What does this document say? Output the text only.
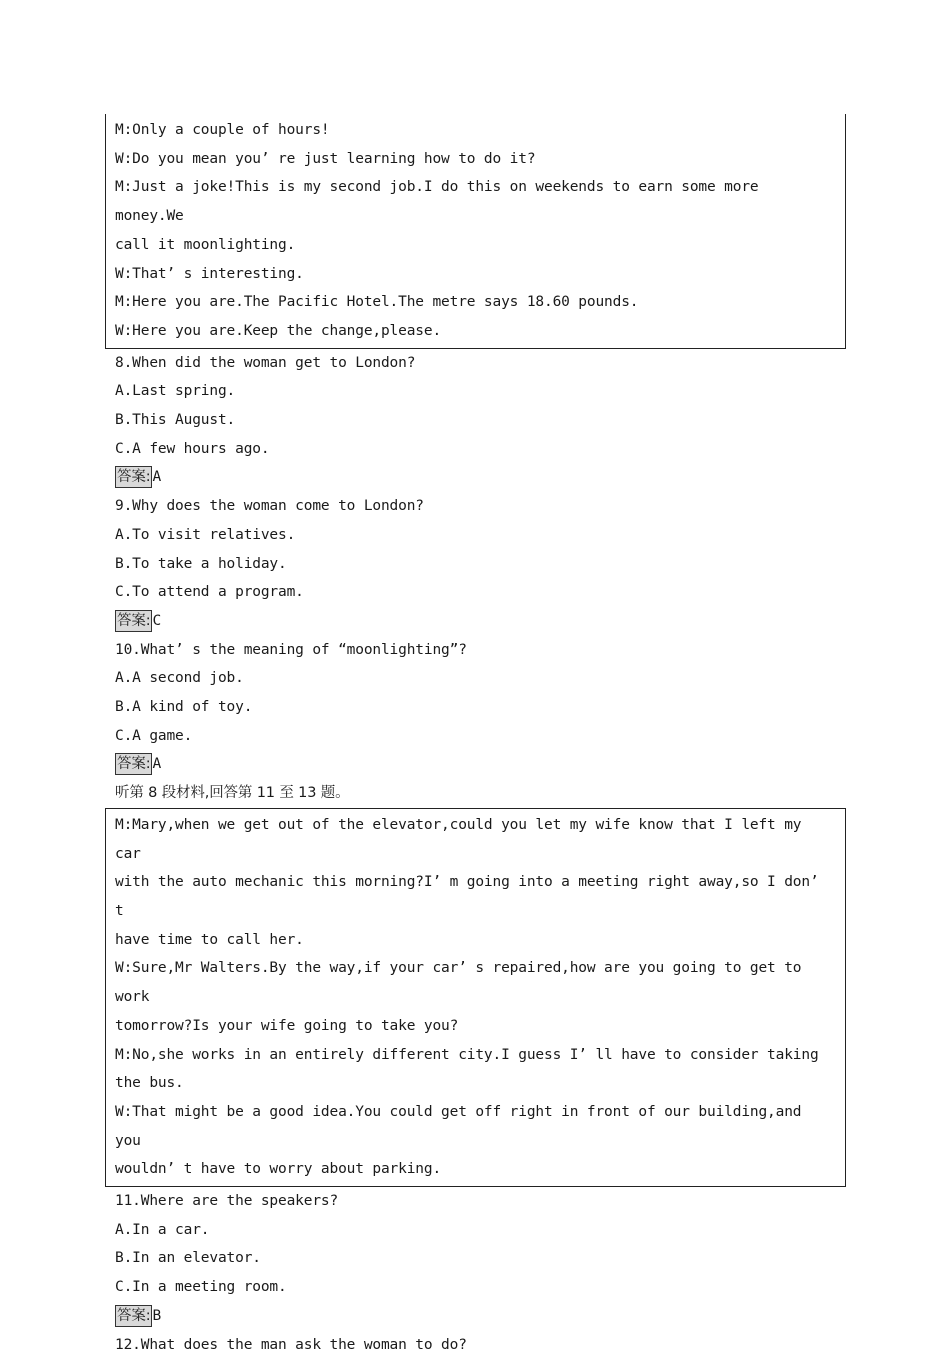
M:Only a couple of hours!
W:Do you mean you’ re just learning how to do it?
M:Just a joke!This is my second job.I do this on weekends to earn some more money.We
call it moonlighting.
W:That’ s interesting.
M:Here you are.The Pacific Hotel.The metre says 18.60 pounds.
W:Here you are.Keep the change,please.
8.When did the woman get to London?
A.Last spring.
B.This August.
C.A few hours ago.
答案: A
9.Why does the woman come to London?
A.To visit relatives.
B.To take a holiday.
C.To attend a program.
答案: C
10.What’ s the meaning of “moonlighting”?
A.A second job.
B.A kind of toy.
C.A game.
答案: A
听第 8 段材料,回答第 11 至 13 题。
M:Mary,when we get out of the elevator,could you let my wife know that I left my car
with the auto mechanic this morning?I’ m going into a meeting right away,so I don’ t
have time to call her.
W:Sure,Mr Walters.By the way,if your car’ s repaired,how are you going to get to work
tomorrow?Is your wife going to take you?
M:No,she works in an entirely different city.I guess I’ ll have to consider taking
the bus.
W:That might be a good idea.You could get off right in front of our building,and you
wouldn’ t have to worry about parking.
11.Where are the speakers?
A.In a car.
B.In an elevator.
C.In a meeting room.
答案: B
12.What does the man ask the woman to do?
